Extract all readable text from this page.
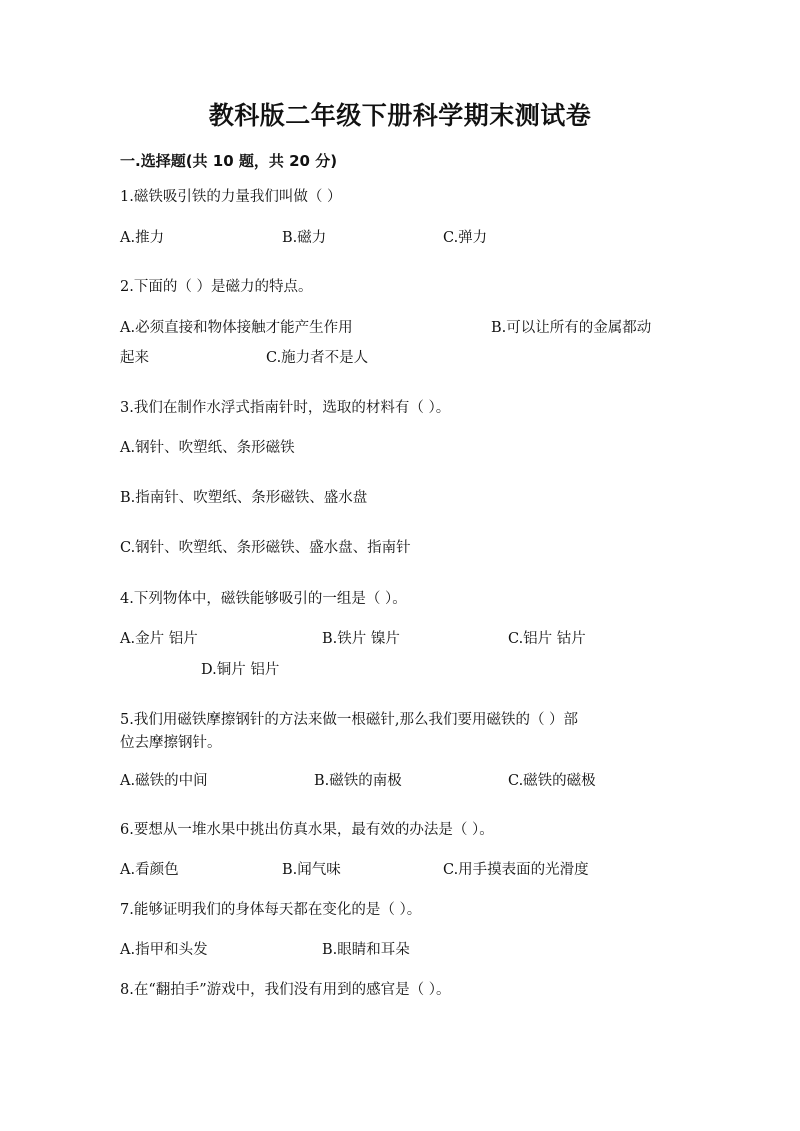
教科版二年级下册科学期末测试卷
一.选择题(共 10 题，共 20 分)
1.磁铁吸引铁的力量我们叫做（ ）
A.推力	B.磁力	C.弹力
2.下面的（ ）是磁力的特点。
A.必须直接和物体接触才能产生作用	B.可以让所有的金属都动
起来	C.施力者不是人
3.我们在制作水浮式指南针时，选取的材料有（ ）。
A.钢针、吹塑纸、条形磁铁
B.指南针、吹塑纸、条形磁铁、盛水盘
C.钢针、吹塑纸、条形磁铁、盛水盘、指南针
4.下列物体中，磁铁能够吸引的一组是（ ）。
A.金片 铝片	B.铁片 镍片	C.铝片 钴片
D.铜片 铝片
5.我们用磁铁摩擦钢针的方法来做一根磁针,那么我们要用磁铁的（ ）部
位去摩擦钢针。
A.磁铁的中间	B.磁铁的南极	C.磁铁的磁极
6.要想从一堆水果中挑出仿真水果，最有效的办法是（ ）。
A.看颜色	B.闻气味	C.用手摸表面的光滑度
7.能够证明我们的身体每天都在变化的是（ ）。
A.指甲和头发	B.眼睛和耳朵
8.在“翻拍手”游戏中，我们没有用到的感官是（ ）。
